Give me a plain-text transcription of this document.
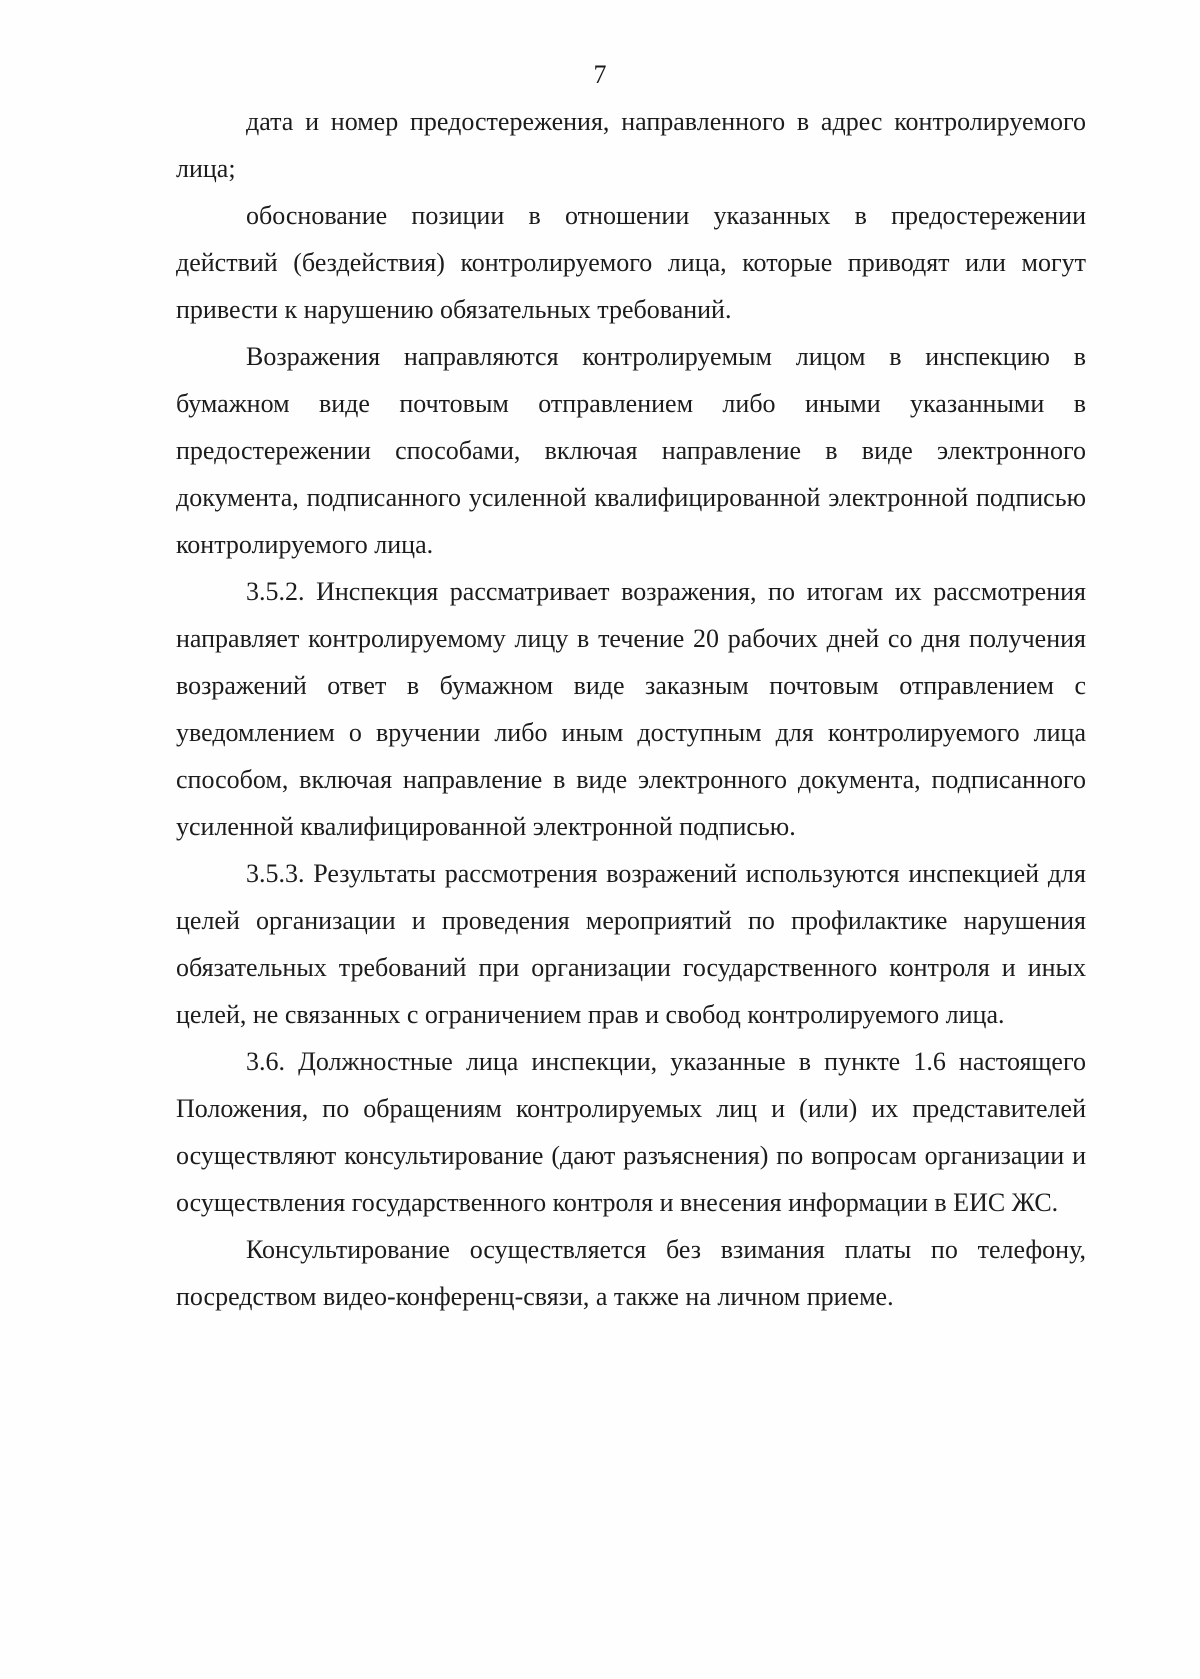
7

дата и номер предостережения, направленного в адрес контролируемого лица;

обоснование позиции в отношении указанных в предостережении действий (бездействия) контролируемого лица, которые приводят или могут привести к нарушению обязательных требований.

Возражения направляются контролируемым лицом в инспекцию в бумажном виде почтовым отправлением либо иными указанными в предостережении способами, включая направление в виде электронного документа, подписанного усиленной квалифицированной электронной подписью контролируемого лица.

3.5.2. Инспекция рассматривает возражения, по итогам их рассмотрения направляет контролируемому лицу в течение 20 рабочих дней со дня получения возражений ответ в бумажном виде заказным почтовым отправлением с уведомлением о вручении либо иным доступным для контролируемого лица способом, включая направление в виде электронного документа, подписанного усиленной квалифицированной электронной подписью.

3.5.3. Результаты рассмотрения возражений используются инспекцией для целей организации и проведения мероприятий по профилактике нарушения обязательных требований при организации государственного контроля и иных целей, не связанных с ограничением прав и свобод контролируемого лица.

3.6. Должностные лица инспекции, указанные в пункте 1.6 настоящего Положения, по обращениям контролируемых лиц и (или) их представителей осуществляют консультирование (дают разъяснения) по вопросам организации и осуществления государственного контроля и внесения информации в ЕИС ЖС.

Консультирование осуществляется без взимания платы по телефону, посредством видео-конференц-связи, а также на личном приеме.
